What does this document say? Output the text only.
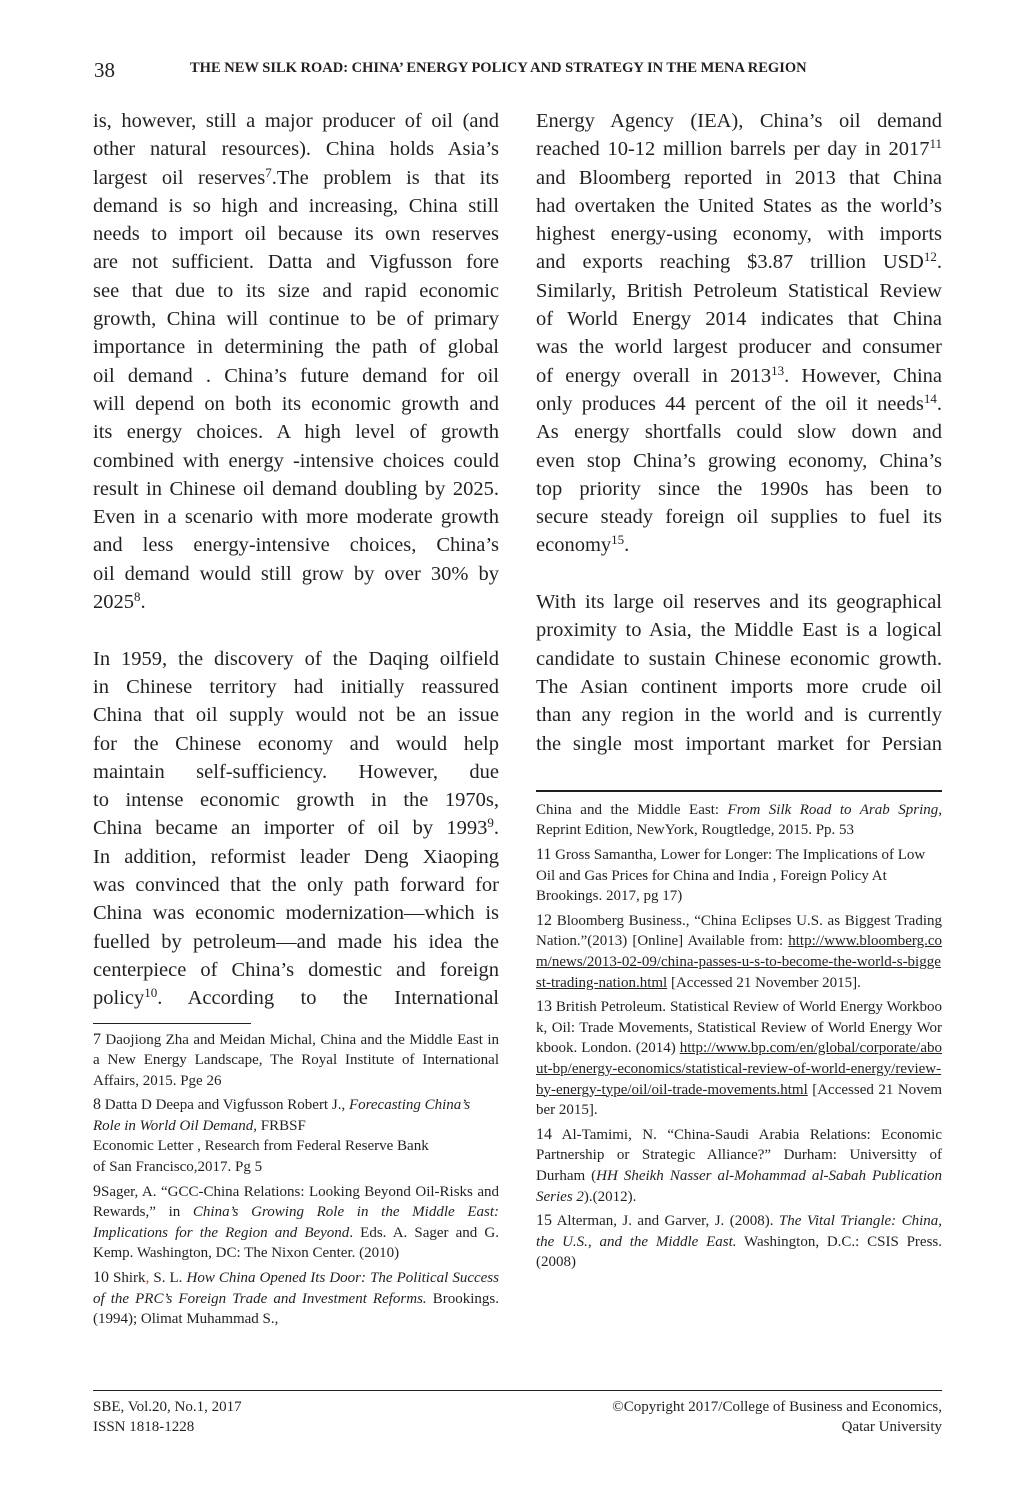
38	THE NEW SILK ROAD: CHINA’ ENERGY POLICY AND STRATEGY IN THE MENA REGION
is, however, still a major producer of oil (and
other natural resources). China holds Asia’s
largest oil reserves$^7$.The problem is that its
demand is so high and increasing, China still
needs to import oil because its own reserves
are not sufficient. Datta and Vigfusson fore
see that due to its size and rapid economic
growth, China will continue to be of primary
importance in determining the path of global
oil demand . China’s future demand for oil
will depend on both its economic growth and
its energy choices. A high level of growth
combined with energy -intensive choices could
result in Chinese oil demand doubling by 2025.
Even in a scenario with more moderate growth
and less energy-intensive choices, China’s
oil demand would still grow by over 30% by
2025$^8$.
In 1959, the discovery of the Daqing oilfield
in Chinese territory had initially reassured
China that oil supply would not be an issue
for the Chinese economy and would help
maintain self-sufficiency. However, due
to intense economic growth in the 1970s,
China became an importer of oil by 1993$^9$.
In addition, reformist leader Deng Xiaoping
was convinced that the only path forward for
China was economic modernization—which is
fuelled by petroleum—and made his idea the
centerpiece of China’s domestic and foreign
policy$^{10}$. According to the International
7 Daojiong Zha and Meidan Michal, China and the Middle East in a New Energy Landscape, The Royal Institute of International Affairs, 2015. Pge 26
8 Datta D Deepa and Vigfusson Robert J., Forecasting China’s Role in World Oil Demand, FRBSF
Economic Letter , Research from Federal Reserve Bank
of San Francisco,2017. Pg 5
9Sager, A. “GCC-China Relations: Looking Beyond Oil-Risks and Rewards,” in China’s Growing Role in the Middle East: Implications for the Region and Beyond. Eds. A. Sager and G. Kemp. Washington, DC: The Nixon Center. (2010)
10 Shirk, S. L. How China Opened Its Door: The Political Success of the PRC’s Foreign Trade and Investment Reforms. Brookings. (1994); Olimat Muhammad S.,
Energy Agency (IEA), China’s oil demand
reached 10-12 million barrels per day in 2017$^{11}$
and Bloomberg reported in 2013 that China
had overtaken the United States as the world’s
highest energy-using economy, with imports
and exports reaching $3.87 trillion USD$^{12}$.
Similarly, British Petroleum Statistical Review
of World Energy 2014 indicates that China
was the world largest producer and consumer
of energy overall in 2013$^{13}$. However, China
only produces 44 percent of the oil it needs$^{14}$.
As energy shortfalls could slow down and
even stop China’s growing economy, China’s
top priority since the 1990s has been to
secure steady foreign oil supplies to fuel its
economy$^{15}$.
With its large oil reserves and its geographical
proximity to Asia, the Middle East is a logical
candidate to sustain Chinese economic growth.
The Asian continent imports more crude oil
than any region in the world and is currently
the single most important market for Persian
China and the Middle East: From Silk Road to Arab Spring, Reprint Edition, NewYork, Rougtledge, 2015. Pp. 53
11 Gross Samantha, Lower for Longer: The Implications of Low Oil and Gas Prices for China and India , Foreign Policy At Brookings. 2017, pg 17)
12 Bloomberg Business., “China Eclipses U.S. as Biggest Trading Nation.”(2013) [Online] Available from: http://www.bloomberg.com/news/2013-02-09/china-passes-u-s-to-become-the-world-s-biggest-trading-nation.html [Accessed 21 November 2015].
13 British Petroleum. Statistical Review of World Energy Workbook, Oil: Trade Movements, Statistical Review of World Energy Workbook. London. (2014) http://www.bp.com/en/global/corporate/about-bp/energy-economics/statistical-review-of-world-energy/review-by-energy-type/oil/oil-trade-movements.html [Accessed 21 November 2015].
14 Al-Tamimi, N. “China-Saudi Arabia Relations: Economic Partnership or Strategic Alliance?” Durham: Universitty of Durham (HH Sheikh Nasser al-Mohammad al-Sabah Publication Series 2).(2012).
15 Alterman, J. and Garver, J. (2008). The Vital Triangle: China, the U.S., and the Middle East. Washington, D.C.: CSIS Press. (2008)
SBE, Vol.20, No.1, 2017
ISSN 1818-1228
©Copyright 2017/College of Business and Economics,
Qatar University
